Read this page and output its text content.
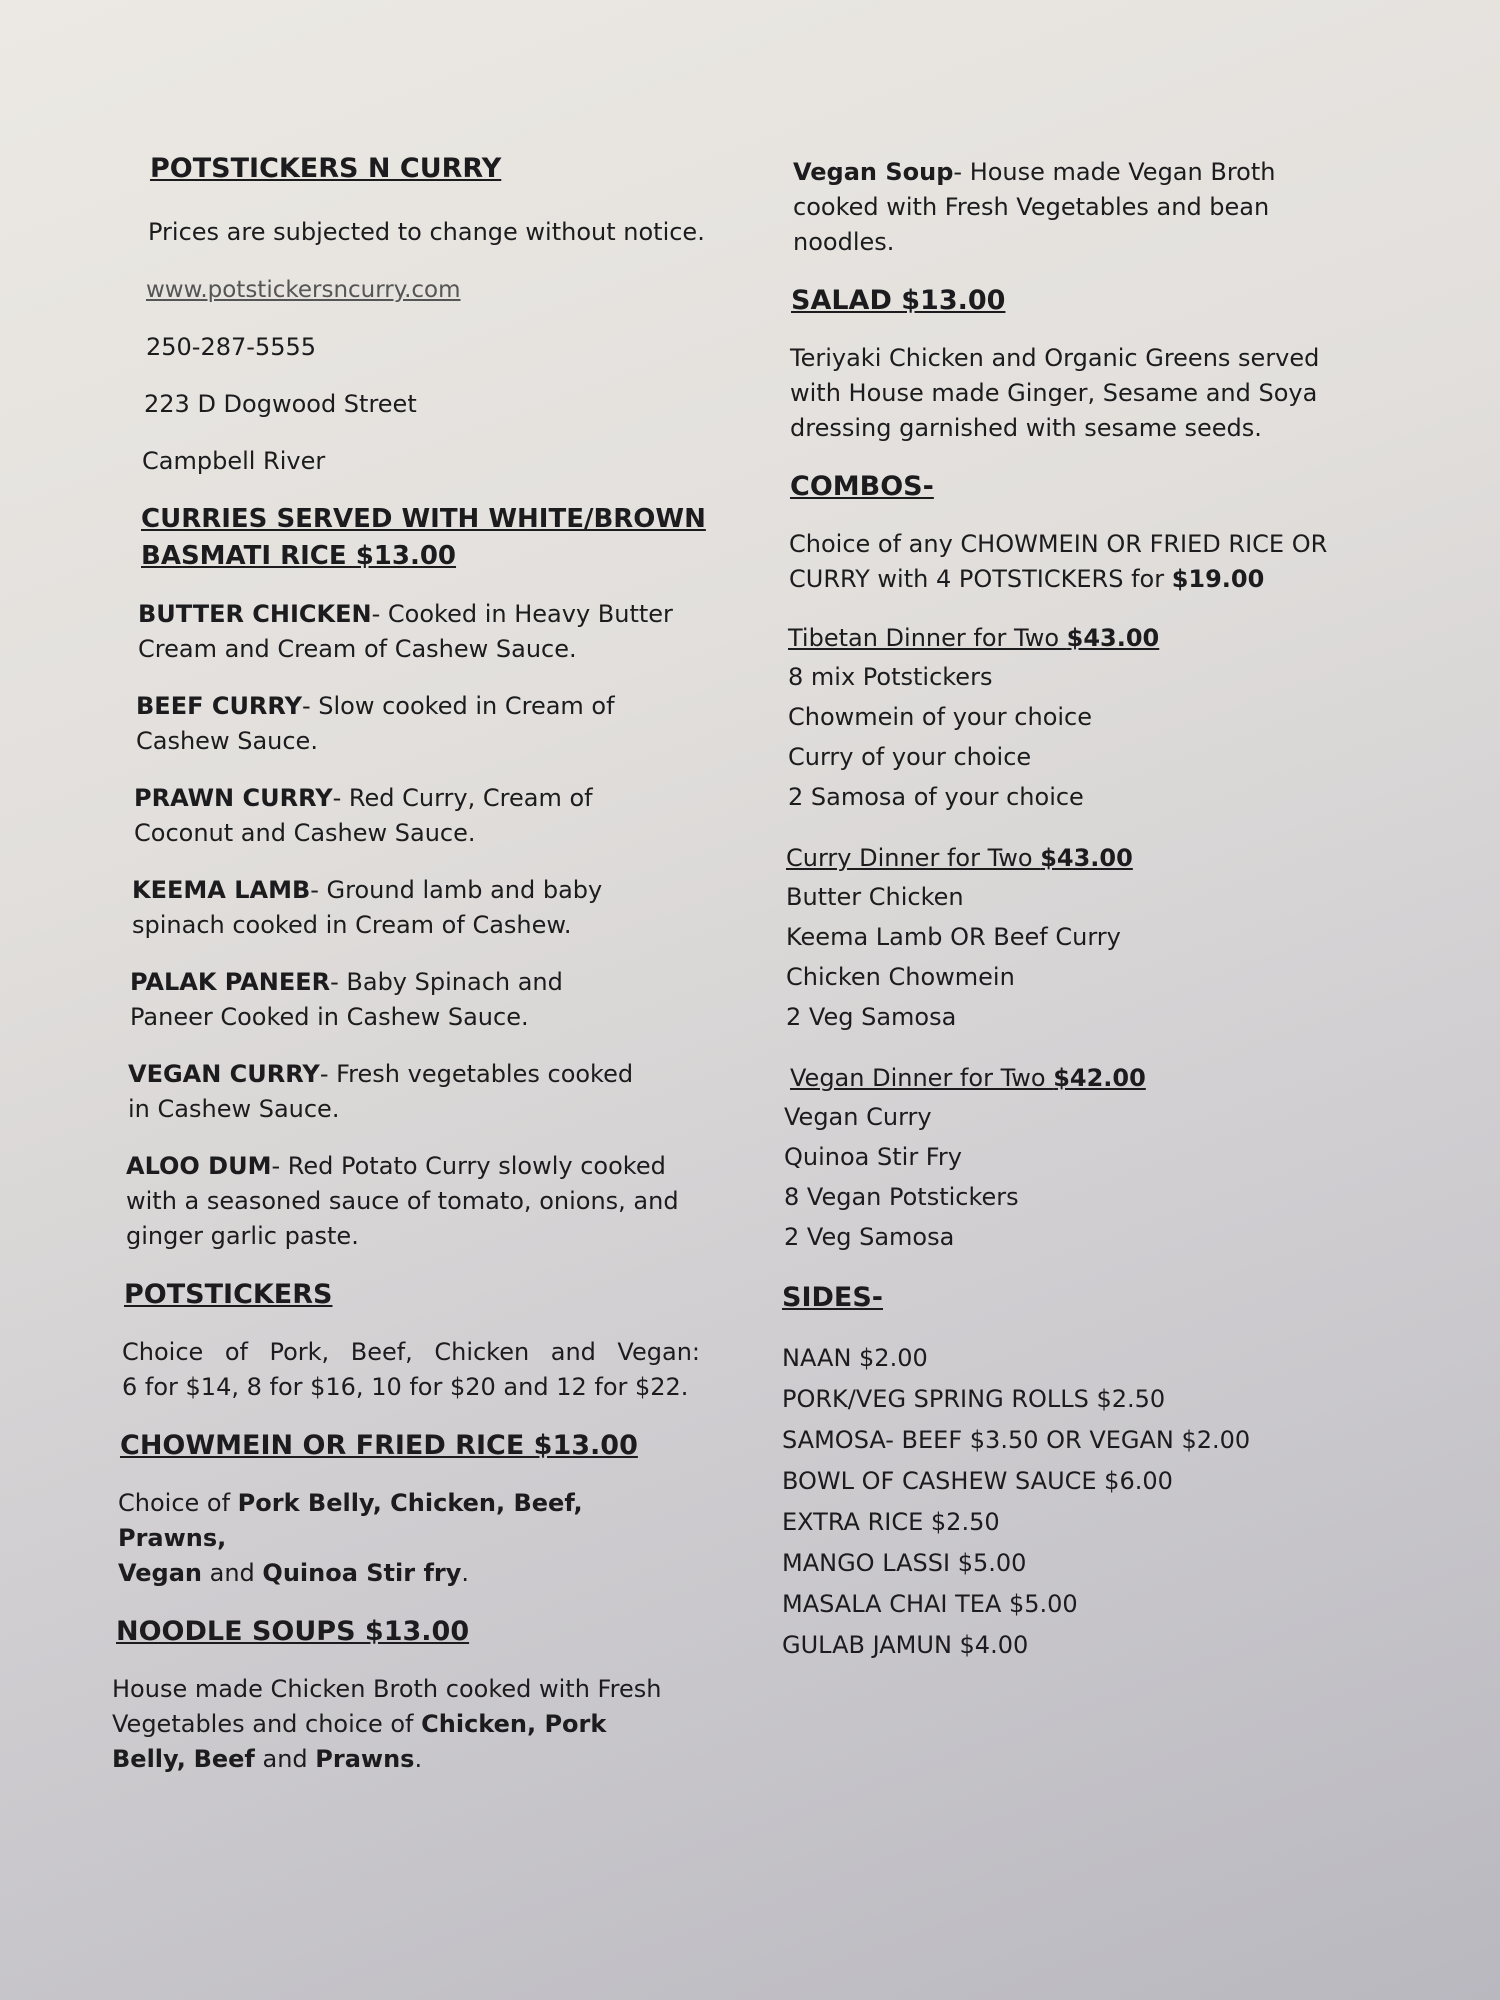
POTSTICKERS N CURRY

Prices are subjected to change without notice.

www.potstickersncurry.com

250-287-5555

223 D Dogwood Street

Campbell River

CURRIES SERVED WITH WHITE/BROWN

BASMATI RICE $13.00

BUTTER CHICKEN- Cooked in Heavy Butter Cream and Cream of Cashew Sauce.

BEEF CURRY- Slow cooked in Cream of Cashew Sauce.

PRAWN CURRY- Red Curry, Cream of Coconut and Cashew Sauce.

KEEMA LAMB- Ground lamb and baby spinach cooked in Cream of Cashew.

PALAK PANEER- Baby Spinach and Paneer Cooked in Cashew Sauce.

VEGAN CURRY- Fresh vegetables cooked in Cashew Sauce.

ALOO DUM- Red Potato Curry slowly cooked with a seasoned sauce of tomato, onions, and ginger garlic paste.

POTSTICKERS

Choice of Pork, Beef, Chicken and Vegan:

6 for $14, 8 for $16, 10 for $20 and 12 for $22.

CHOWMEIN OR FRIED RICE $13.00

Choice of Pork Belly, Chicken, Beef, Prawns,
Vegan and Quinoa Stir fry.

NOODLE SOUPS $13.00

House made Chicken Broth cooked with Fresh Vegetables and choice of Chicken, Pork Belly, Beef and Prawns.

Vegan Soup- House made Vegan Broth cooked with Fresh Vegetables and bean noodles.

SALAD $13.00

Teriyaki Chicken and Organic Greens served with House made Ginger, Sesame and Soya dressing garnished with sesame seeds.

COMBOS-

Choice of any CHOWMEIN OR FRIED RICE OR CURRY with 4 POTSTICKERS for $19.00

Tibetan Dinner for Two $43.00

8 mix Potstickers

Chowmein of your choice

Curry of your choice

2 Samosa of your choice

Curry Dinner for Two $43.00

Butter Chicken

Keema Lamb OR Beef Curry

Chicken Chowmein

2 Veg Samosa

Vegan Dinner for Two $42.00

Vegan Curry

Quinoa Stir Fry

8 Vegan Potstickers

2 Veg Samosa

SIDES-

NAAN $2.00

PORK/VEG SPRING ROLLS $2.50

SAMOSA- BEEF $3.50 OR VEGAN $2.00

BOWL OF CASHEW SAUCE $6.00

EXTRA RICE $2.50

MANGO LASSI $5.00

MASALA CHAI TEA $5.00

GULAB JAMUN $4.00
